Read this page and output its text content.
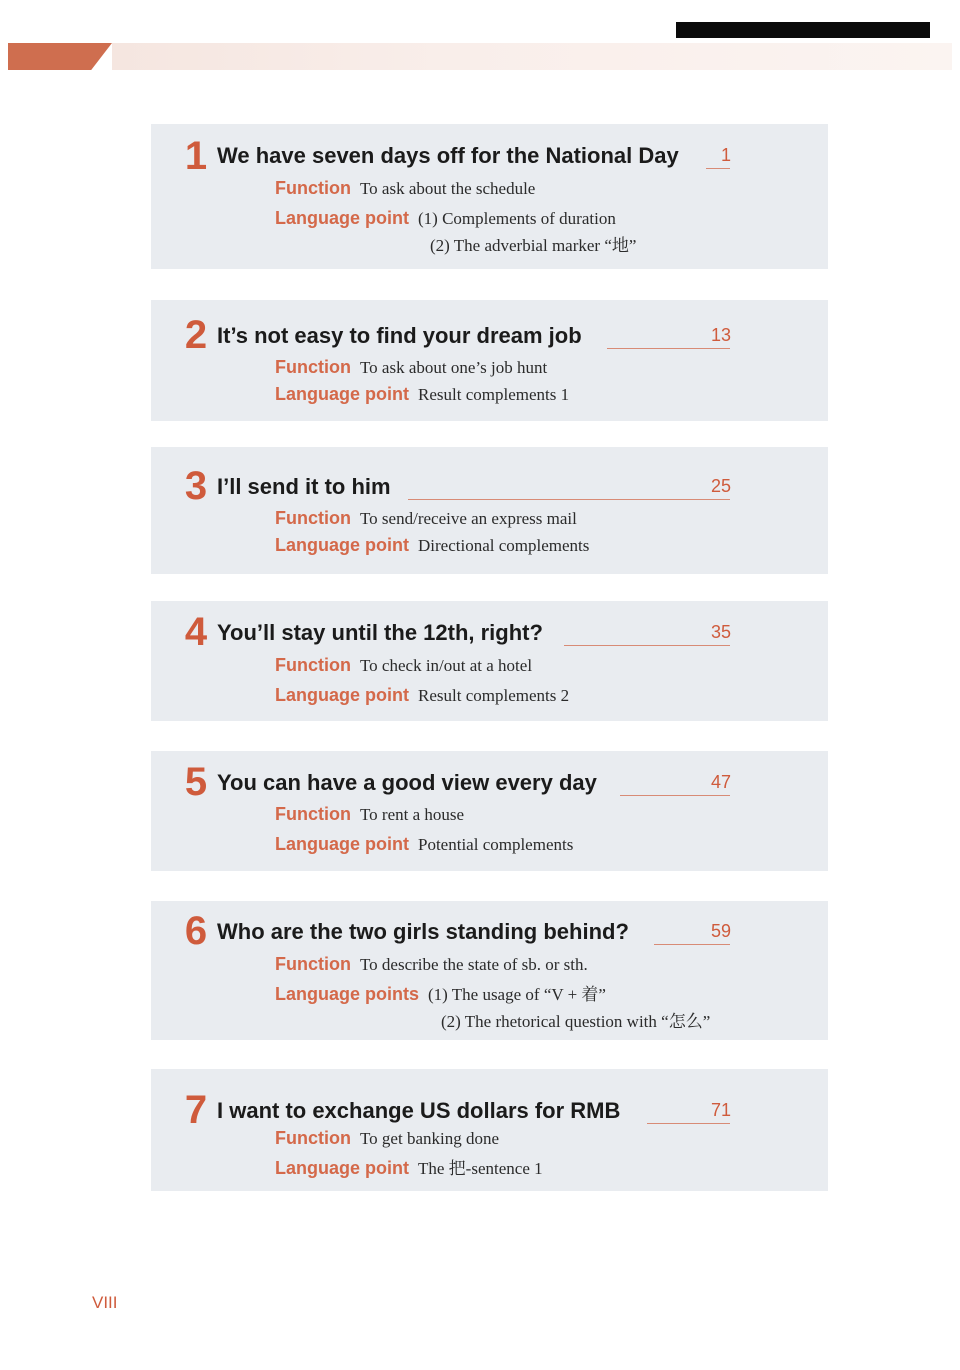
1 We have seven days off for the National Day 1
Function To ask about the schedule
Language point (1) Complements of duration
(2) The adverbial marker “地”
2 It’s not easy to find your dream job	13
Function To ask about one’s job hunt
Language point Result complements 1
3 I’ll send it to him	25
Function To send/receive an express mail
Language point Directional complements
4 You’ll stay until the 12th, right?	35
Function To check in/out at a hotel
Language point Result complements 2
5 You can have a good view every day	47
Function To rent a house
Language point Potential complements
6 Who are the two girls standing behind?	59
Function To describe the state of sb. or sth.
Language points (1) The usage of “V + 着”
(2) The rhetorical question with “怎么”
7 I want to exchange US dollars for RMB	71
Function To get banking done
Language point The 把-sentence 1
VIII
